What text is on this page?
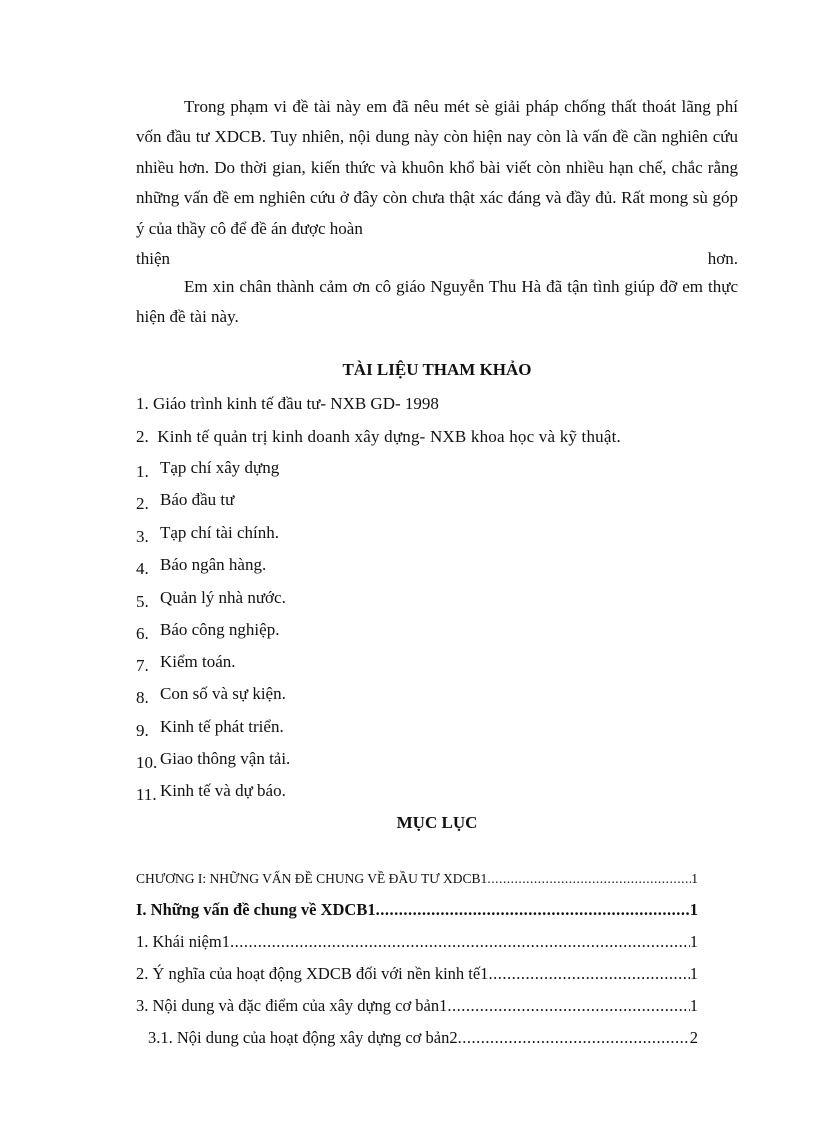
Trong phạm vi đề tài này em đã nêu mét sè giải pháp chống thất thoát lãng phí vốn đầu tư XDCB. Tuy nhiên, nội dung này còn hiện nay còn là vấn đề cần nghiên cứu nhiều hơn. Do thời gian, kiến thức và khuôn khổ bài viết còn nhiều hạn chế, chắc rằng những vấn đề em nghiên cứu ở đây còn chưa thật xác đáng và đầy đủ. Rất mong sù góp ý của thầy cô để đề án được hoàn
thiện	hơn.

Em xin chân thành cảm ơn cô giáo Nguyễn Thu Hà đã tận tình giúp đỡ em thực hiện đề tài này.

TÀI LIỆU THAM KHẢO
1. Giáo trình kinh tế đầu tư- NXB GD- 1998
2. Kinh tế quản trị kinh doanh xây dựng- NXB khoa học và kỹ thuật.
1. Tạp chí xây dựng
2. Báo đầu tư
3. Tạp chí tài chính.
4. Báo ngân hàng.
5. Quản lý nhà nước.
6. Báo công nghiệp.
7. Kiểm toán.
8. Con số và sự kiện.
9. Kinh tế phát triển.
10. Giao thông vận tải.
11. Kinh tế và dự báo.
MỤC LỤC
CHƯƠNG I: NHỮNG VẤN ĐỀ CHUNG VỀ ĐẦU TƯ XDCB1 .....	1
I. Những vấn đề chung về XDCB1 .....	1
1. Khái niệm1 .....	1
2. Ý nghĩa của hoạt động XDCB đối với nền kinh tế1 .....	1
3. Nội dung và đặc điểm của xây dựng cơ bản1 .....	1
3.1. Nội dung của hoạt động xây dựng cơ bản2 .....	2
